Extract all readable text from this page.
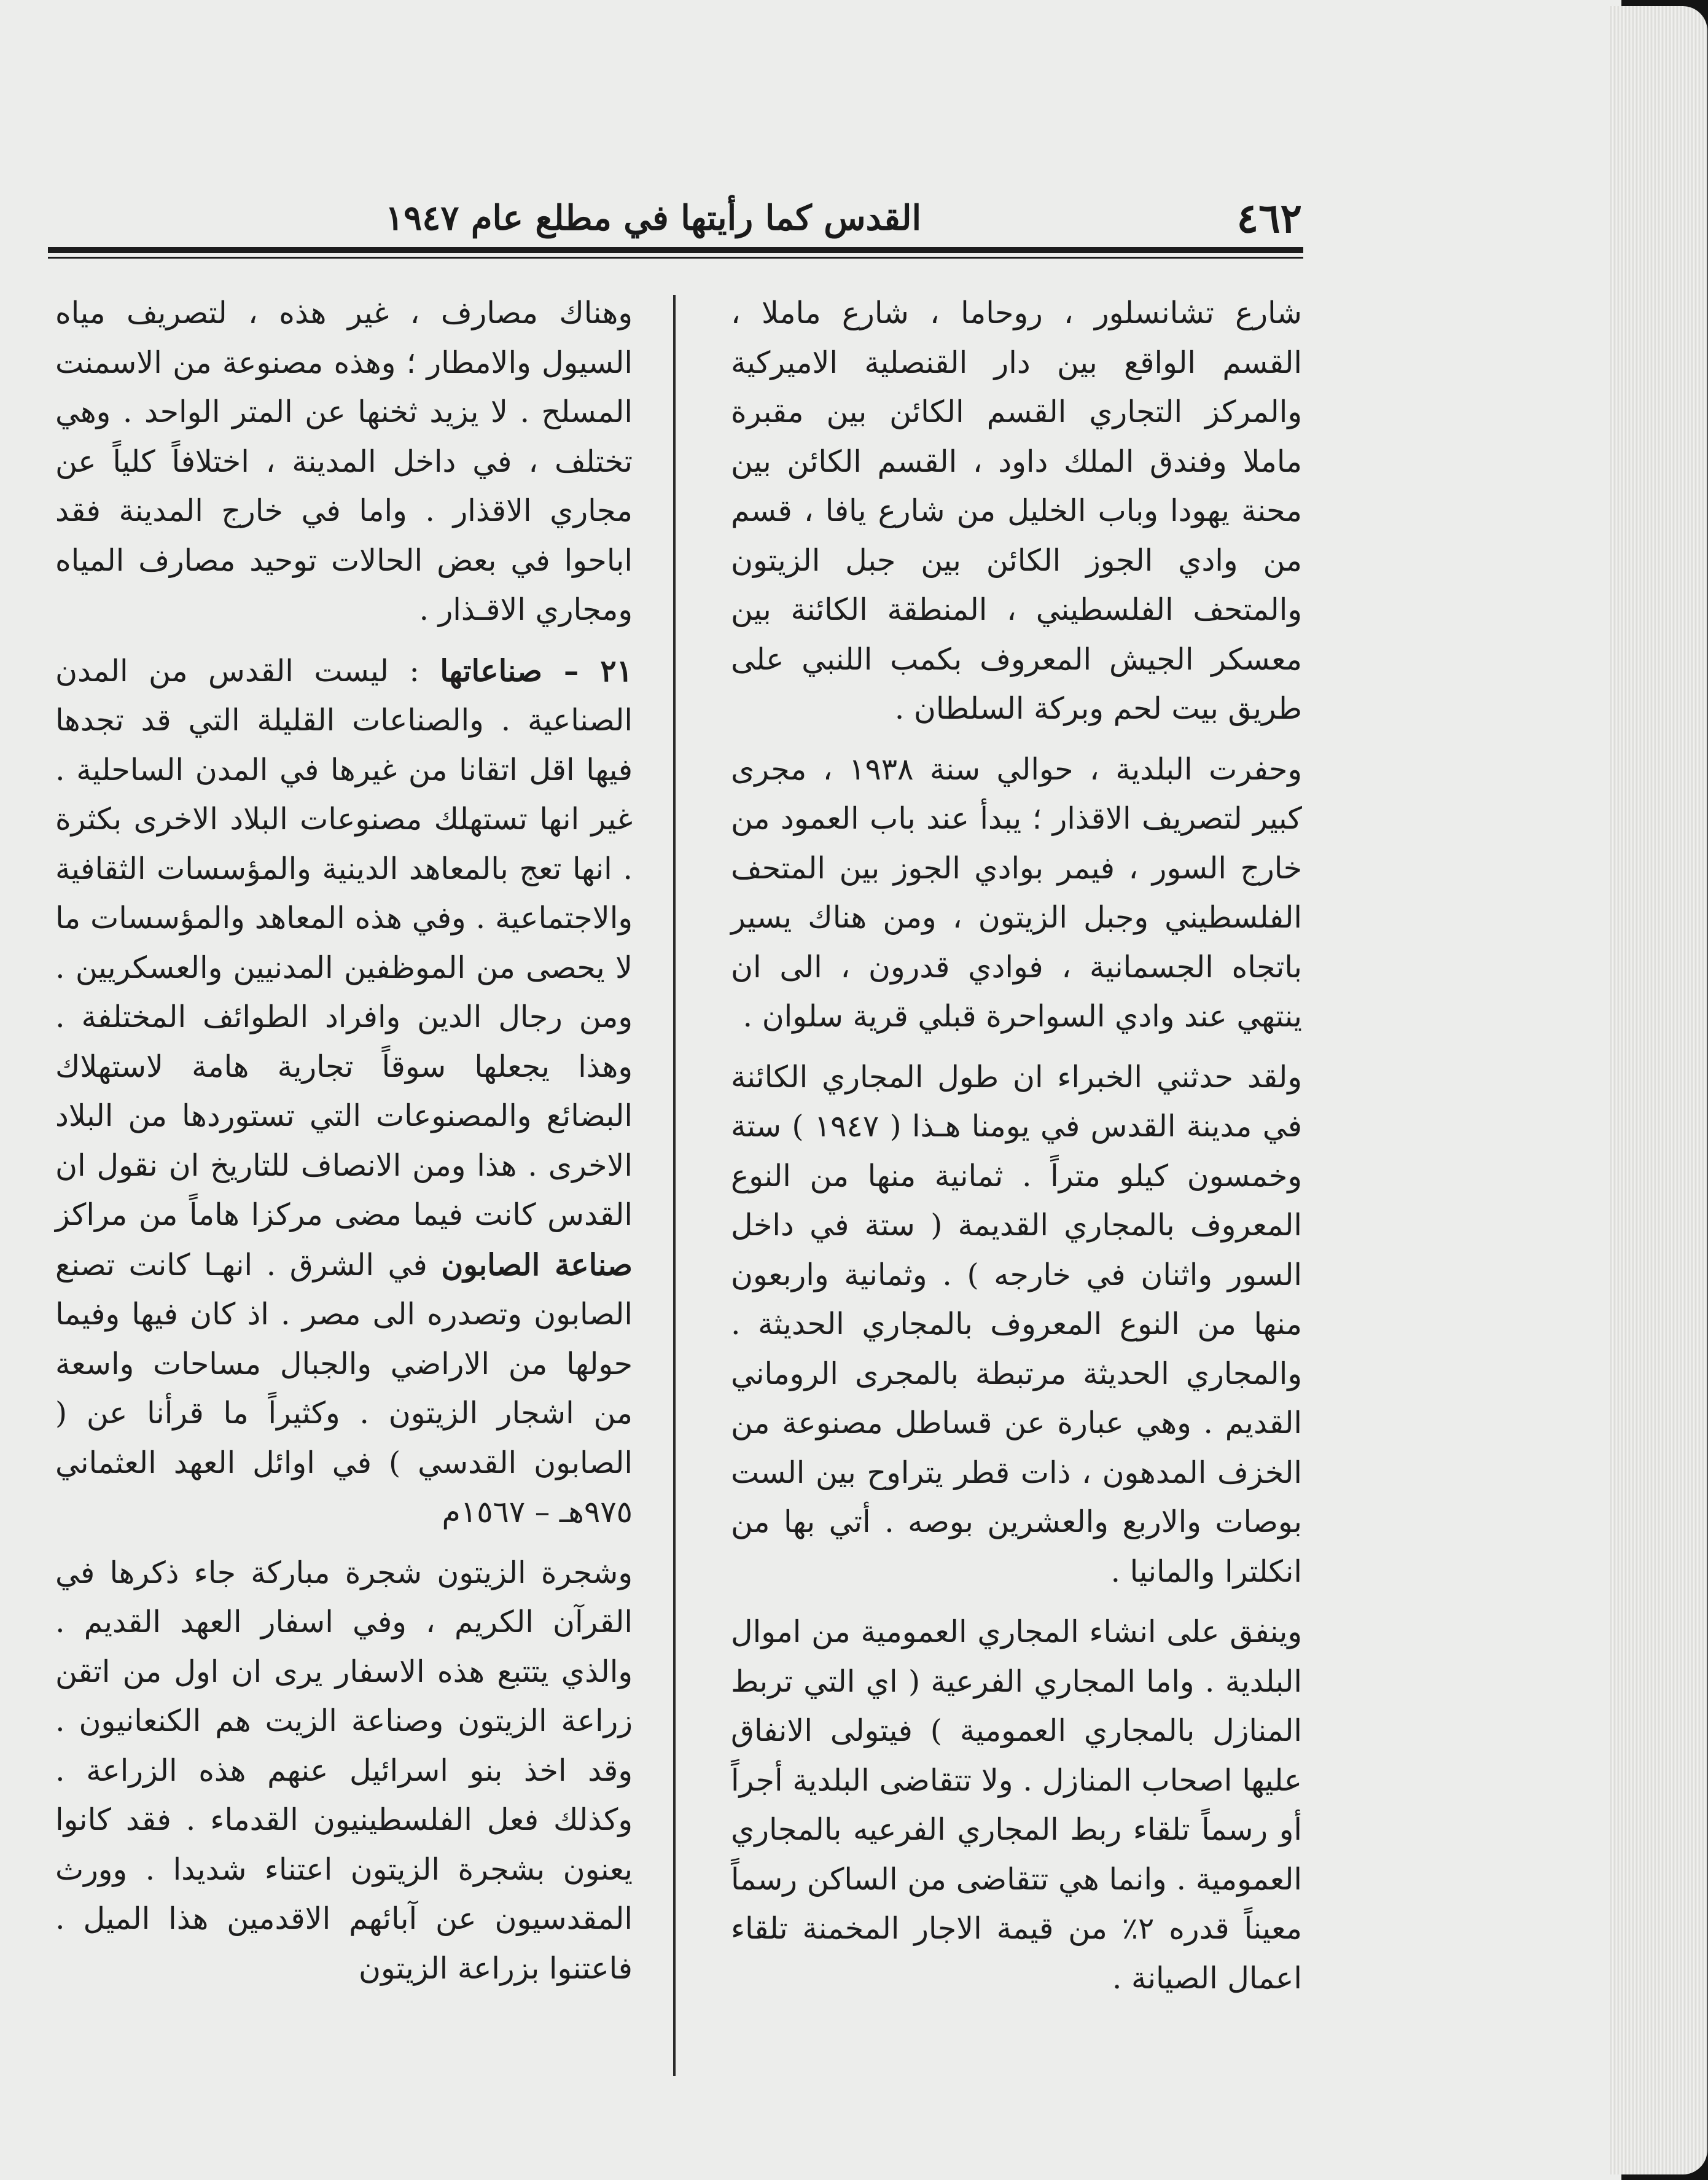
٤٦٢
القدس كما رأيتها في مطلع عام ١٩٤٧

شارع تشانسلور ، روحاما ، شارع ماملا ، القسم الواقع بين دار القنصلية الاميركية والمركز التجاري القسم الكائن بين مقبرة ماملا وفندق الملك داود ، القسم الكائن بين محنة يهودا وباب الخليل من شارع يافا ، قسم من وادي الجوز الكائن بين جبل الزيتون والمتحف الفلسطيني ، المنطقة الكائنة بين معسكر الجيش المعروف بكمب اللنبي على طريق بيت لحم وبركة السلطان .

وحفرت البلدية ، حوالي سنة ١٩٣٨ ، مجرى كبير لتصريف الاقذار ؛ يبدأ عند باب العمود من خارج السور ، فيمر بوادي الجوز بين المتحف الفلسطيني وجبل الزيتون ، ومن هناك يسير باتجاه الجسمانية ، فوادي قدرون ، الى ان ينتهي عند وادي السواحرة قبلي قرية سلوان .

ولقد حدثني الخبراء ان طول المجاري الكائنة في مدينة القدس في يومنا هـذا ( ١٩٤٧ ) ستة وخمسون كيلو متراً . ثمانية منها من النوع المعروف بالمجاري القديمة ( ستة في داخل السور واثنان في خارجه ) . وثمانية واربعون منها من النوع المعروف بالمجاري الحديثة . والمجاري الحديثة مرتبطة بالمجرى الروماني القديم . وهي عبارة عن قساطل مصنوعة من الخزف المدهون ، ذات قطر يتراوح بين الست بوصات والاربع والعشرين بوصه . أتي بها من انكلترا والمانيا .

وينفق على انشاء المجاري العمومية من اموال البلدية . واما المجاري الفرعية ( اي التي تربط المنازل بالمجاري العمومية ) فيتولى الانفاق عليها اصحاب المنازل . ولا تتقاضى البلدية أجراً أو رسماً تلقاء ربط المجاري الفرعيه بالمجاري العمومية . وانما هي تتقاضى من الساكن رسماً معيناً قدره ٢٪ من قيمة الاجار المخمنة تلقاء اعمال الصيانة .

وهناك مصارف ، غير هذه ، لتصريف مياه السيول والامطار ؛ وهذه مصنوعة من الاسمنت المسلح . لا يزيد ثخنها عن المتر الواحد . وهي تختلف ، في داخل المدينة ، اختلافاً كلياً عن مجاري الاقذار . واما في خارج المدينة فقد اباحوا في بعض الحالات توحيد مصارف المياه ومجاري الاقـذار .

٢١ – صناعاتها : ليست القدس من المدن الصناعية . والصناعات القليلة التي قد تجدها فيها اقل اتقانا من غيرها في المدن الساحلية . غير انها تستهلك مصنوعات البلاد الاخرى بكثرة . انها تعج بالمعاهد الدينية والمؤسسات الثقافية والاجتماعية . وفي هذه المعاهد والمؤسسات ما لا يحصى من الموظفين المدنيين والعسكريين . ومن رجال الدين وافراد الطوائف المختلفة . وهذا يجعلها سوقاً تجارية هامة لاستهلاك البضائع والمصنوعات التي تستوردها من البلاد الاخرى . هذا ومن الانصاف للتاريخ ان نقول ان القدس كانت فيما مضى مركزا هاماً من مراكز صناعة الصابون في الشرق . انهـا كانت تصنع الصابون وتصدره الى مصر . اذ كان فيها وفيما حولها من الاراضي والجبال مساحات واسعة من اشجار الزيتون . وكثيراً ما قرأنا عن ( الصابون القدسي ) في اوائل العهد العثماني ٩٧٥هـ – ١٥٦٧م

وشجرة الزيتون شجرة مباركة جاء ذكرها في القرآن الكريم ، وفي اسفار العهد القديم . والذي يتتبع هذه الاسفار يرى ان اول من اتقن زراعة الزيتون وصناعة الزيت هم الكنعانيون . وقد اخذ بنو اسرائيل عنهم هذه الزراعة . وكذلك فعل الفلسطينيون القدماء . فقد كانوا يعنون بشجرة الزيتون اعتناء شديدا . وورث المقدسيون عن آبائهم الاقدمين هذا الميل . فاعتنوا بزراعة الزيتون
